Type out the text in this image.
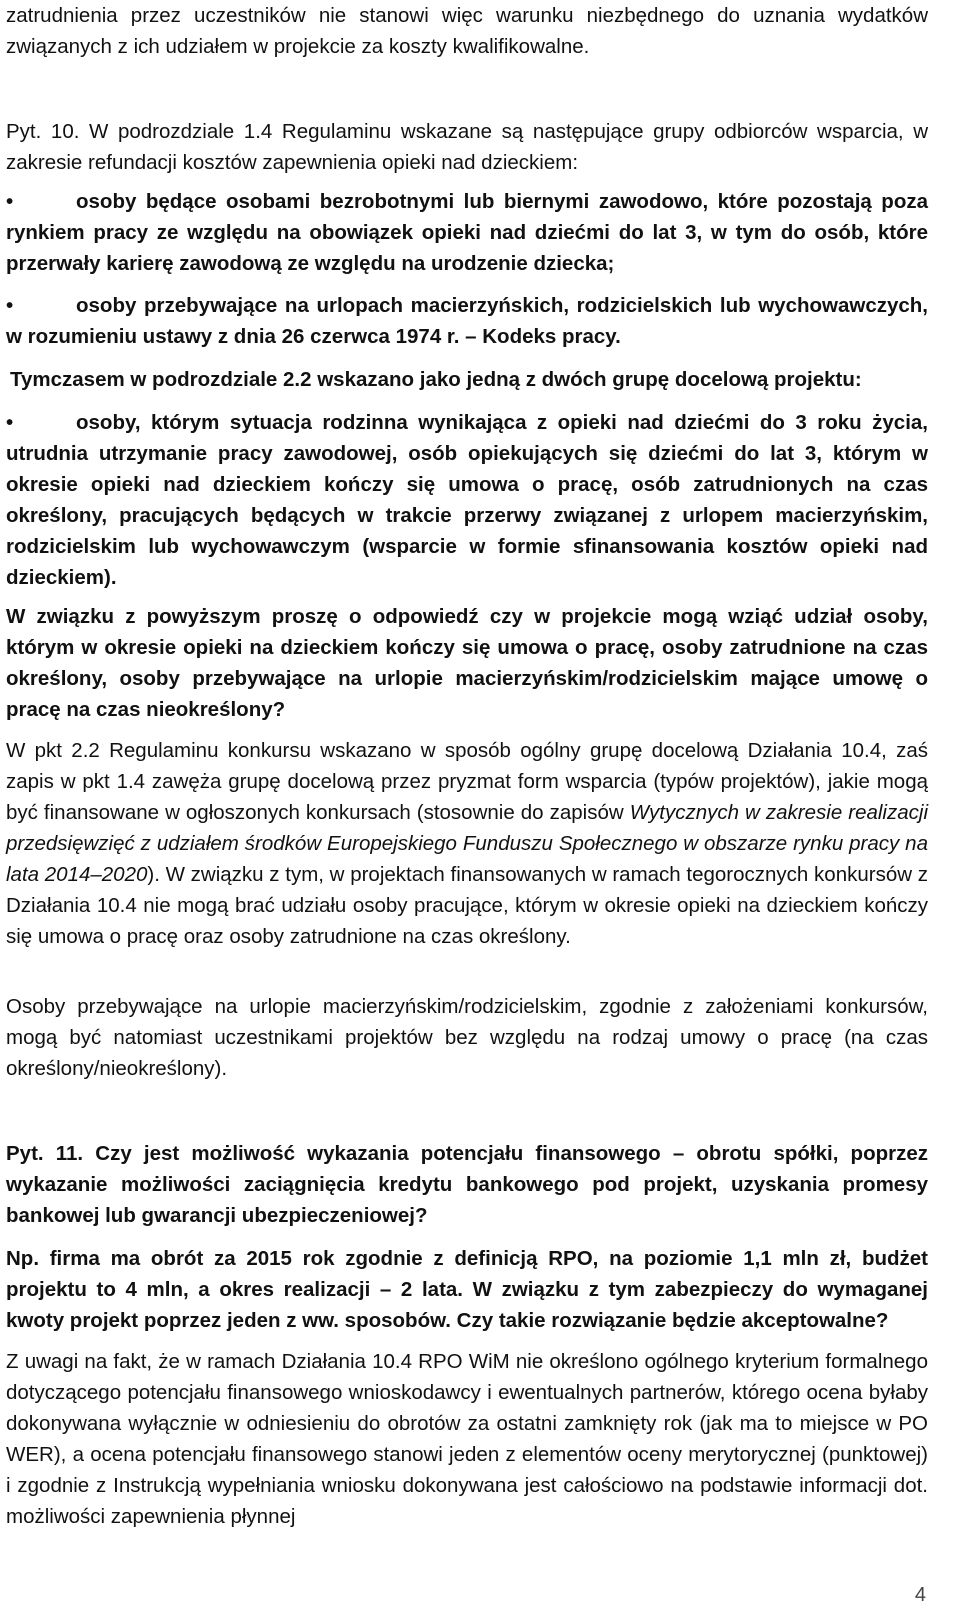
zatrudnienia przez uczestników nie stanowi więc warunku niezbędnego do uznania wydatków związanych z ich udziałem w projekcie za koszty kwalifikowalne.

Pyt. 10. W podrozdziale 1.4 Regulaminu wskazane są następujące grupy odbiorców wsparcia, w zakresie refundacji kosztów zapewnienia opieki nad dzieckiem:

•	osoby będące osobami bezrobotnymi lub biernymi zawodowo, które pozostają poza rynkiem pracy ze względu na obowiązek opieki nad dziećmi do lat 3, w tym do osób, które przerwały karierę zawodową ze względu na urodzenie dziecka;

•	osoby przebywające na urlopach macierzyńskich, rodzicielskich lub wychowawczych, w rozumieniu ustawy z dnia 26 czerwca 1974 r. – Kodeks pracy.

Tymczasem w podrozdziale 2.2 wskazano jako jedną z dwóch grupę docelową projektu:

•	osoby, którym sytuacja rodzinna wynikająca z opieki nad dziećmi do 3 roku życia, utrudnia utrzymanie pracy zawodowej, osób opiekujących się dziećmi do lat 3, którym w okresie opieki nad dzieckiem kończy się umowa o pracę, osób zatrudnionych na czas określony, pracujących będących w trakcie przerwy związanej z urlopem macierzyńskim, rodzicielskim lub wychowawczym (wsparcie w formie sfinansowania kosztów opieki nad dzieckiem).

W związku z powyższym proszę o odpowiedź czy w projekcie mogą wziąć udział osoby, którym w okresie opieki na dzieckiem kończy się umowa o pracę, osoby zatrudnione na czas określony, osoby przebywające na urlopie macierzyńskim/rodzicielskim mające umowę o pracę na czas nieokreślony?

W pkt 2.2 Regulaminu konkursu wskazano w sposób ogólny grupę docelową Działania 10.4, zaś zapis w pkt 1.4 zawęża grupę docelową przez pryzmat form wsparcia (typów projektów), jakie mogą być finansowane w ogłoszonych konkursach (stosownie do zapisów Wytycznych w zakresie realizacji przedsięwzięć z udziałem środków Europejskiego Funduszu Społecznego w obszarze rynku pracy na lata 2014–2020). W związku z tym, w projektach finansowanych w ramach tegorocznych konkursów z Działania 10.4 nie mogą brać udziału osoby pracujące, którym w okresie opieki na dzieckiem kończy się umowa o pracę oraz osoby zatrudnione na czas określony.

Osoby przebywające na urlopie macierzyńskim/rodzicielskim, zgodnie z założeniami konkursów, mogą być natomiast uczestnikami projektów bez względu na rodzaj umowy o pracę (na czas określony/nieokreślony).

Pyt. 11. Czy jest możliwość wykazania potencjału finansowego – obrotu spółki, poprzez wykazanie możliwości zaciągnięcia kredytu bankowego pod projekt, uzyskania promesy bankowej lub gwarancji ubezpieczeniowej?

Np. firma ma obrót za 2015 rok zgodnie z definicją RPO, na poziomie 1,1 mln zł, budżet projektu to 4 mln, a okres realizacji – 2 lata. W związku z tym zabezpieczy do wymaganej kwoty projekt poprzez jeden z ww. sposobów. Czy takie rozwiązanie będzie akceptowalne?

Z uwagi na fakt, że w ramach Działania 10.4 RPO WiM nie określono ogólnego kryterium formalnego dotyczącego potencjału finansowego wnioskodawcy i ewentualnych partnerów, którego ocena byłaby dokonywana wyłącznie w odniesieniu do obrotów za ostatni zamknięty rok (jak ma to miejsce w PO WER), a ocena potencjału finansowego stanowi jeden z elementów oceny merytorycznej (punktowej) i zgodnie z Instrukcją wypełniania wniosku dokonywana jest całościowo na podstawie informacji dot. możliwości zapewnienia płynnej

4
